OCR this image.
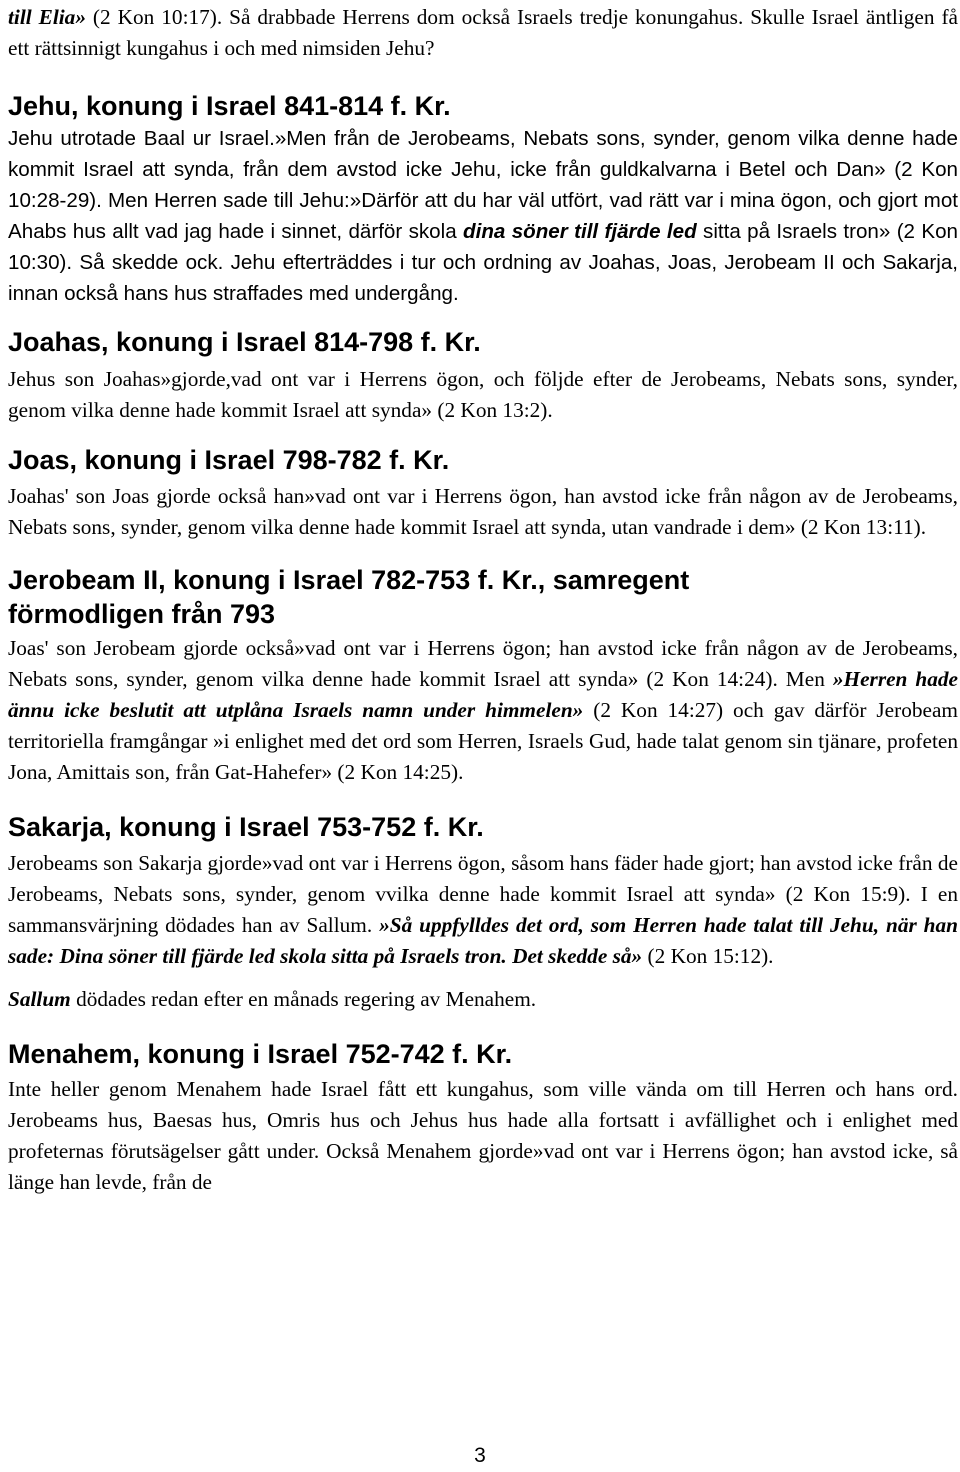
till Elia» (2 Kon 10:17). Så drabbade Herrens dom också Israels tredje konungahus. Skulle Israel äntligen få ett rättsinnigt kungahus i och med nimsiden Jehu?

Jehu, konung i Israel 841-814 f. Kr.

Jehu utrotade Baal ur Israel.»Men från de Jerobeams, Nebats sons, synder, genom vilka denne hade kommit Israel att synda, från dem avstod icke Jehu, icke från guldkalvarna i Betel och Dan» (2 Kon 10:28-29). Men Herren sade till Jehu:»Därför att du har väl utfört, vad rätt var i mina ögon, och gjort mot Ahabs hus allt vad jag hade i sinnet, därför skola dina söner till fjärde led sitta på Israels tron» (2 Kon 10:30). Så skedde ock. Jehu efterträddes i tur och ordning av Joahas, Joas, Jerobeam II och Sakarja, innan också hans hus straffades med undergång.

Joahas, konung i Israel 814-798 f. Kr.

Jehus son Joahas»gjorde,vad ont var i Herrens ögon, och följde efter de Jerobeams, Nebats sons, synder, genom vilka denne hade kommit Israel att synda» (2 Kon 13:2).

Joas, konung i Israel 798-782 f. Kr.

Joahas' son Joas gjorde också han»vad ont var i Herrens ögon, han avstod icke från någon av de Jerobeams, Nebats sons, synder, genom vilka denne hade kommit Israel att synda, utan vandrade i dem» (2 Kon 13:11).

Jerobeam II, konung i Israel 782-753 f. Kr., samregent
förmodligen från 793

Joas' son Jerobeam gjorde också»vad ont var i Herrens ögon; han avstod icke från någon av de Jerobeams, Nebats sons, synder, genom vilka denne hade kommit Israel att synda» (2 Kon 14:24). Men »Herren hade ännu icke beslutit att utplåna Israels namn under himmelen» (2 Kon 14:27) och gav därför Jerobeam territoriella framgångar »i enlighet med det ord som Herren, Israels Gud, hade talat genom sin tjänare, profeten Jona, Amittais son, från Gat-Hahefer» (2 Kon 14:25).

Sakarja, konung i Israel 753-752 f. Kr.

Jerobeams son Sakarja gjorde»vad ont var i Herrens ögon, såsom hans fäder hade gjort; han avstod icke från de Jerobeams, Nebats sons, synder, genom vvilka denne hade kommit Israel att synda» (2 Kon 15:9). I en sammansvärjning dödades han av Sallum. »Så uppfylldes det ord, som Herren hade talat till Jehu, när han sade: Dina söner till fjärde led skola sitta på Israels tron. Det skedde så» (2 Kon 15:12).

Sallum dödades redan efter en månads regering av Menahem.

Menahem, konung i Israel 752-742 f. Kr.

Inte heller genom Menahem hade Israel fått ett kungahus, som ville vända om till Herren och hans ord. Jerobeams hus, Baesas hus, Omris hus och Jehus hus hade alla fortsatt i avfällighet och i enlighet med profeternas förutsägelser gått under. Också Menahem gjorde»vad ont var i Herrens ögon; han avstod icke, så länge han levde, från de

3
